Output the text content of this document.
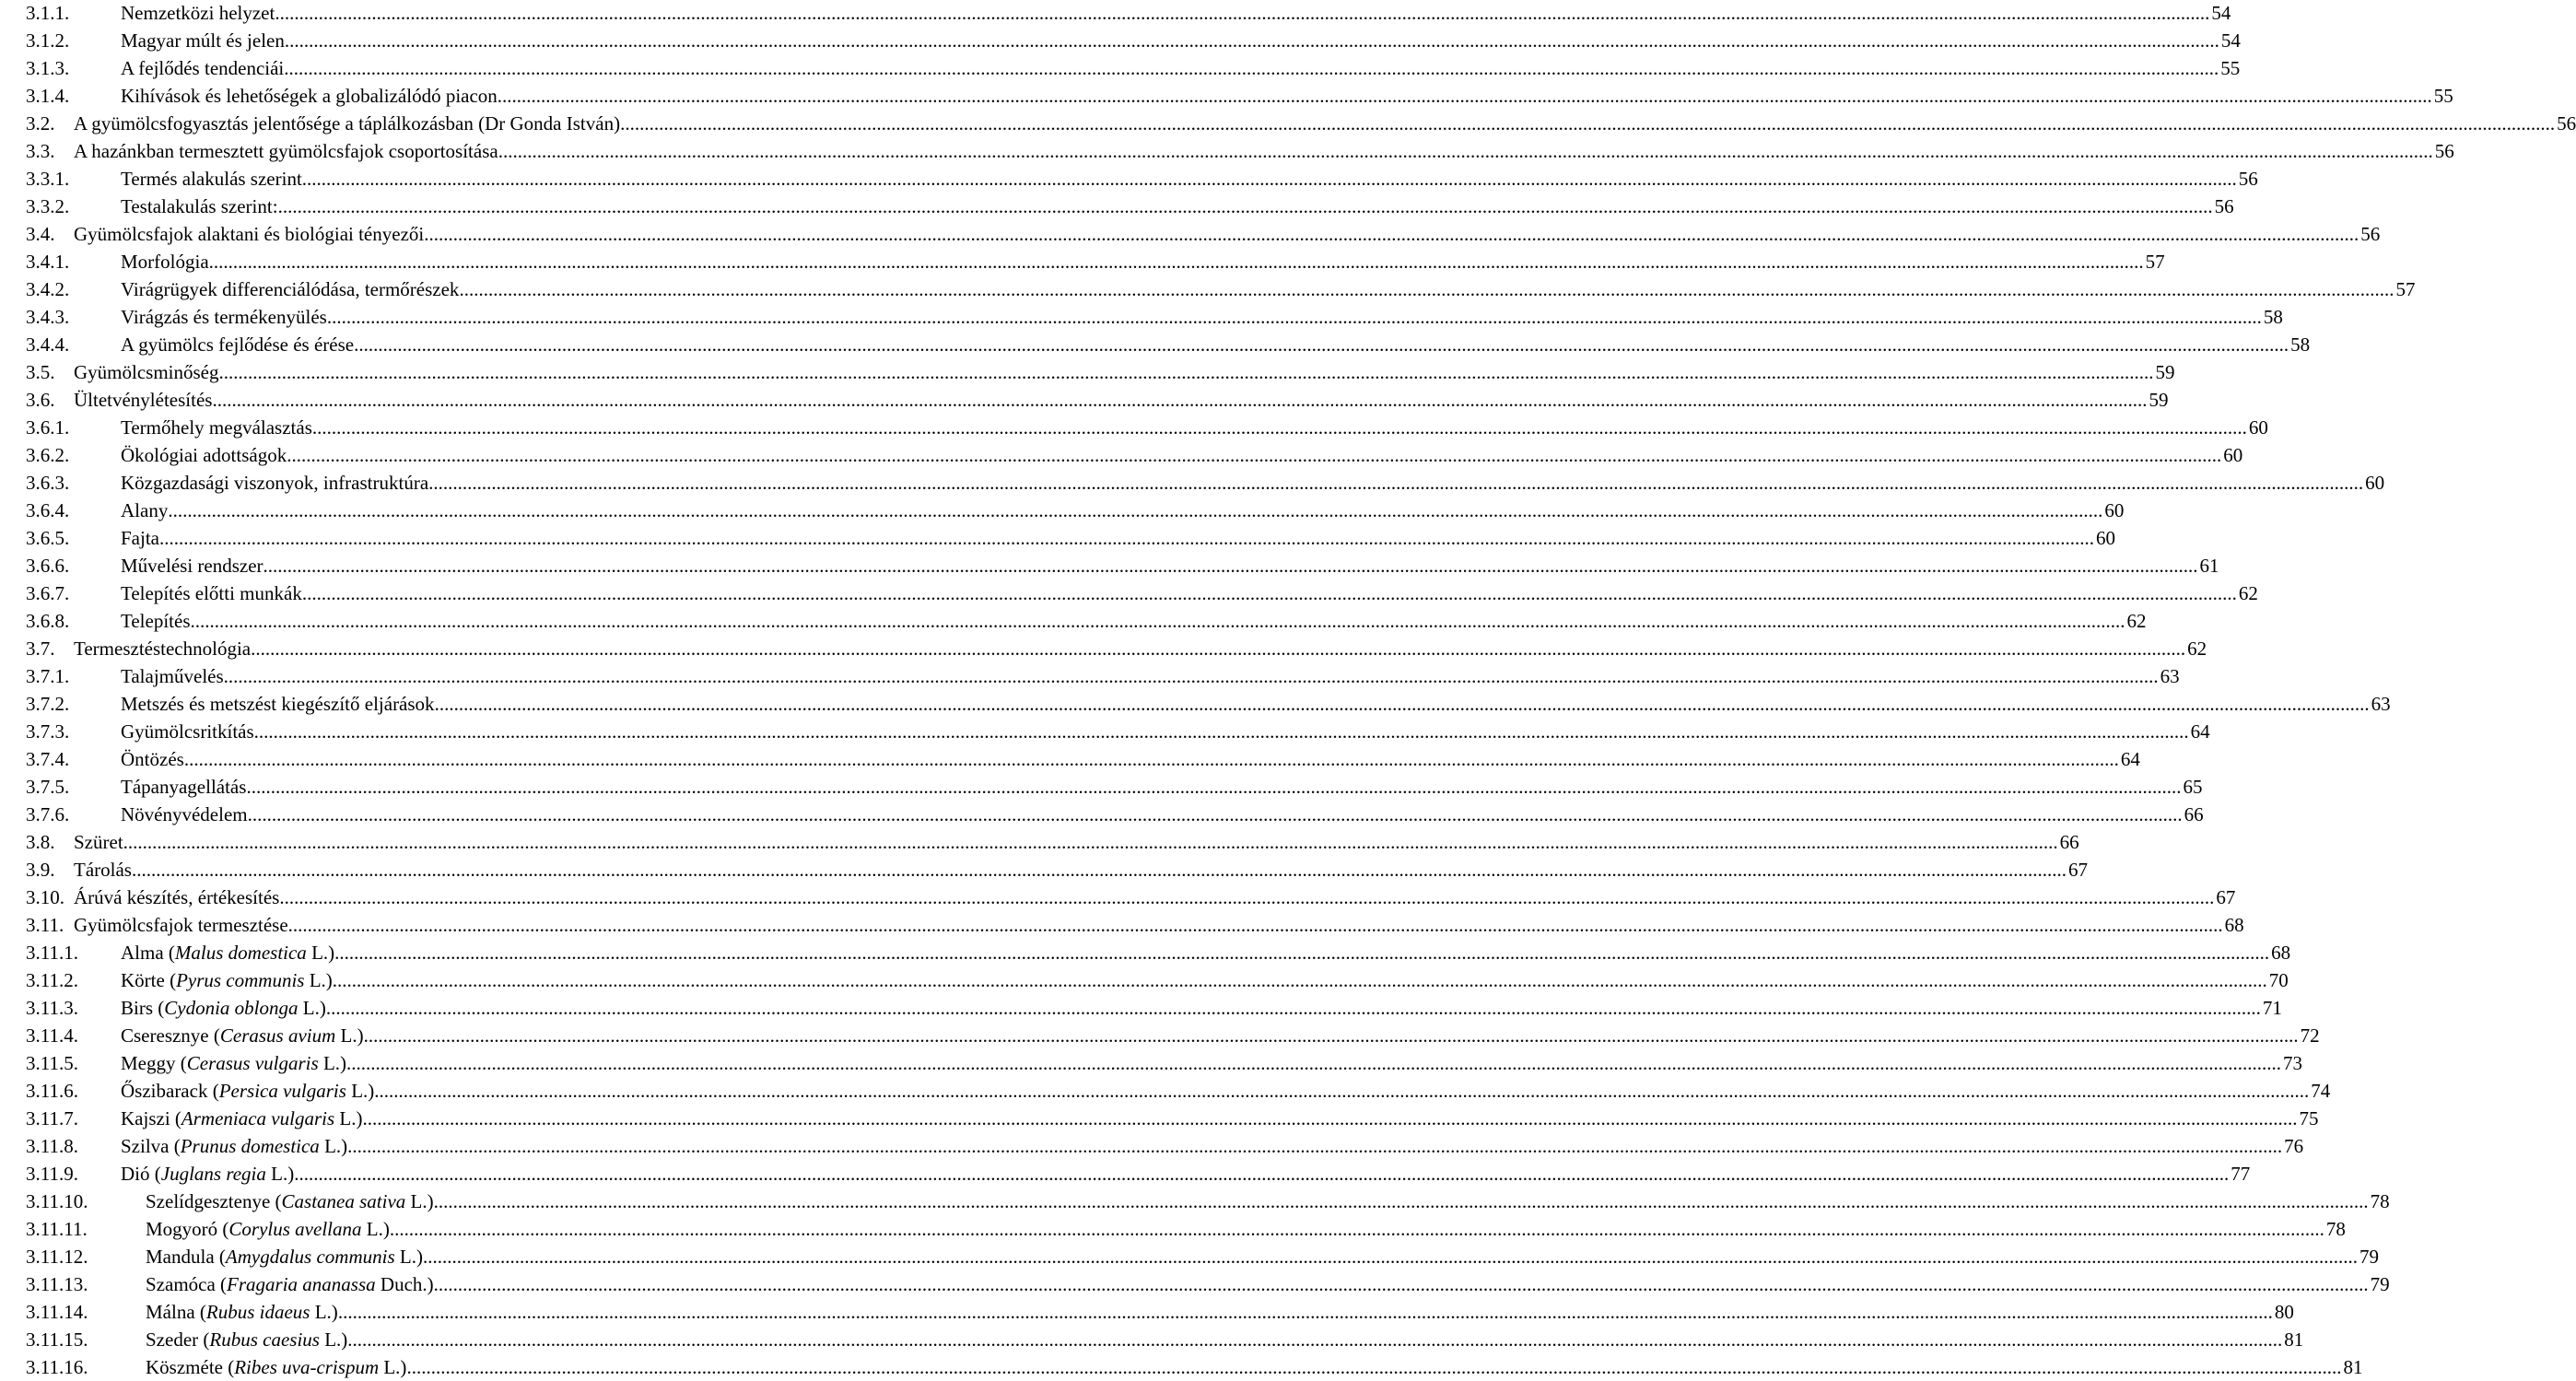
3.1.1.	Nemzetközi helyzet ................................................................................................................................................................................................................................................................................................................................................................................................................ 54
3.1.2.	Magyar múlt és jelen ................................................................................................................................................................................................................................................................................................................................................................................................................ 54
3.1.3.	A fejlődés tendenciái ................................................................................................................................................................................................................................................................................................................................................................................................................ 55
3.1.4.	Kihívások és lehetőségek a globalizálódó piacon ................................................................................................................................................................................................................................................................................................................................................................................................................ 55
3.2. A gyümölcsfogyasztás jelentősége a táplálkozásban (Dr Gonda István) ................................................................................................................................................................................................................................................................................................................................................................................................................ 56
3.3. A hazánkban termesztett gyümölcsfajok csoportosítása ................................................................................................................................................................................................................................................................................................................................................................................................................ 56
3.3.1.	Termés alakulás szerint ................................................................................................................................................................................................................................................................................................................................................................................................................ 56
3.3.2.	Testalakulás szerint: ................................................................................................................................................................................................................................................................................................................................................................................................................ 56
3.4. Gyümölcsfajok alaktani és biológiai tényezői ................................................................................................................................................................................................................................................................................................................................................................................................................ 56
3.4.1.	Morfológia ................................................................................................................................................................................................................................................................................................................................................................................................................ 57
3.4.2.	Virágrügyek differenciálódása, termőrészek ................................................................................................................................................................................................................................................................................................................................................................................................................ 57
3.4.3.	Virágzás és termékenyülés ................................................................................................................................................................................................................................................................................................................................................................................................................ 58
3.4.4.	A gyümölcs fejlődése és érése ................................................................................................................................................................................................................................................................................................................................................................................................................ 58
3.5. Gyümölcsminőség ................................................................................................................................................................................................................................................................................................................................................................................................................ 59
3.6. Ültetvénylétesítés ................................................................................................................................................................................................................................................................................................................................................................................................................ 59
3.6.1.	Termőhely megválasztás ................................................................................................................................................................................................................................................................................................................................................................................................................ 60
3.6.2.	Ökológiai adottságok ................................................................................................................................................................................................................................................................................................................................................................................................................ 60
3.6.3.	Közgazdasági viszonyok, infrastruktúra ................................................................................................................................................................................................................................................................................................................................................................................................................ 60
3.6.4.	Alany ................................................................................................................................................................................................................................................................................................................................................................................................................ 60
3.6.5.	Fajta ................................................................................................................................................................................................................................................................................................................................................................................................................ 60
3.6.6.	Művelési rendszer ................................................................................................................................................................................................................................................................................................................................................................................................................ 61
3.6.7.	Telepítés előtti munkák ................................................................................................................................................................................................................................................................................................................................................................................................................ 62
3.6.8.	Telepítés ................................................................................................................................................................................................................................................................................................................................................................................................................ 62
3.7. Termesztéstechnológia ................................................................................................................................................................................................................................................................................................................................................................................................................ 62
3.7.1.	Talajművelés ................................................................................................................................................................................................................................................................................................................................................................................................................ 63
3.7.2.	Metszés és metszést kiegészítő eljárások ................................................................................................................................................................................................................................................................................................................................................................................................................ 63
3.7.3.	Gyümölcsritkítás ................................................................................................................................................................................................................................................................................................................................................................................................................ 64
3.7.4.	Öntözés ................................................................................................................................................................................................................................................................................................................................................................................................................ 64
3.7.5.	Tápanyagellátás ................................................................................................................................................................................................................................................................................................................................................................................................................ 65
3.7.6.	Növényvédelem ................................................................................................................................................................................................................................................................................................................................................................................................................ 66
3.8. Szüret ................................................................................................................................................................................................................................................................................................................................................................................................................ 66
3.9. Tárolás ................................................................................................................................................................................................................................................................................................................................................................................................................ 67
3.10. Árúvá készítés, értékesítés ................................................................................................................................................................................................................................................................................................................................................................................................................ 67
3.11. Gyümölcsfajok termesztése ................................................................................................................................................................................................................................................................................................................................................................................................................ 68
3.11.1. Alma (Malus domestica L.) ................................................................................................................................................................................................................................................................................................................................................................................................................ 68
3.11.2. Körte (Pyrus communis L.) ................................................................................................................................................................................................................................................................................................................................................................................................................ 70
3.11.3. Birs (Cydonia oblonga L.) ................................................................................................................................................................................................................................................................................................................................................................................................................ 71
3.11.4. Cseresznye (Cerasus avium L.) ................................................................................................................................................................................................................................................................................................................................................................................................................ 72
3.11.5. Meggy (Cerasus vulgaris L.) ................................................................................................................................................................................................................................................................................................................................................................................................................ 73
3.11.6. Őszibarack (Persica vulgaris L.) ................................................................................................................................................................................................................................................................................................................................................................................................................ 74
3.11.7. Kajszi (Armeniaca vulgaris L.) ................................................................................................................................................................................................................................................................................................................................................................................................................ 75
3.11.8. Szilva (Prunus domestica L.) ................................................................................................................................................................................................................................................................................................................................................................................................................ 76
3.11.9. Dió (Juglans regia L.) ................................................................................................................................................................................................................................................................................................................................................................................................................ 77
3.11.10.	Szelídgesztenye (Castanea sativa L.) ................................................................................................................................................................................................................................................................................................................................................................................................................ 78
3.11.11.	Mogyoró (Corylus avellana L.) ................................................................................................................................................................................................................................................................................................................................................................................................................ 78
3.11.12.	Mandula (Amygdalus communis L.) ................................................................................................................................................................................................................................................................................................................................................................................................................ 79
3.11.13.	Szamóca (Fragaria ananassa Duch.) ................................................................................................................................................................................................................................................................................................................................................................................................................ 79
3.11.14.	Málna (Rubus idaeus L.) ................................................................................................................................................................................................................................................................................................................................................................................................................ 80
3.11.15.	Szeder (Rubus caesius L.) ................................................................................................................................................................................................................................................................................................................................................................................................................ 81
3.11.16.	Köszméte (Ribes uva-crispum L.) ................................................................................................................................................................................................................................................................................................................................................................................................................ 81
